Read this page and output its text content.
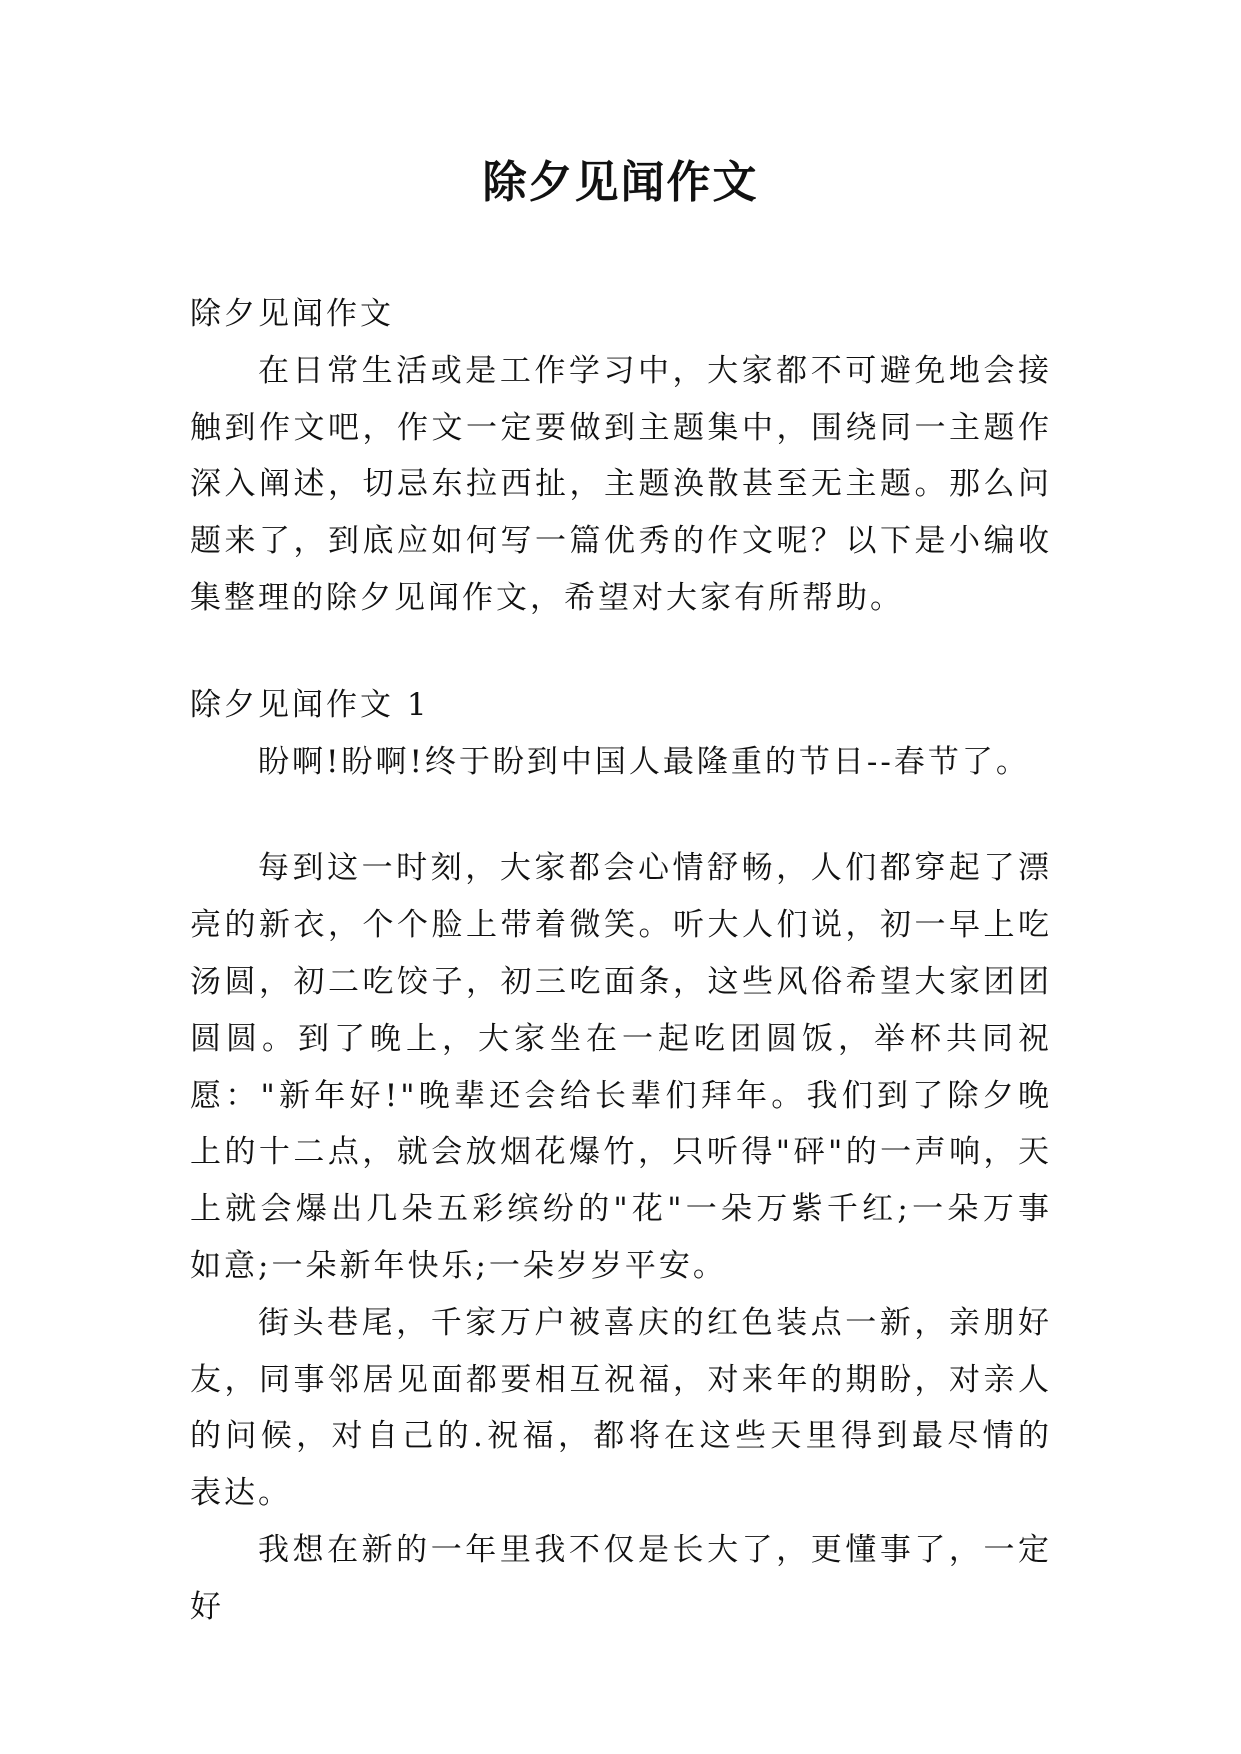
除夕见闻作文

除夕见闻作文

在日常生活或是工作学习中，大家都不可避免地会接触到作文吧，作文一定要做到主题集中，围绕同一主题作深入阐述，切忌东拉西扯，主题涣散甚至无主题。那么问题来了，到底应如何写一篇优秀的作文呢？以下是小编收集整理的除夕见闻作文，希望对大家有所帮助。

除夕见闻作文 1

盼啊!盼啊!终于盼到中国人最隆重的节日--春节了。

每到这一时刻，大家都会心情舒畅，人们都穿起了漂亮的新衣，个个脸上带着微笑。听大人们说，初一早上吃汤圆，初二吃饺子，初三吃面条，这些风俗希望大家团团圆圆。到了晚上，大家坐在一起吃团圆饭，举杯共同祝愿："新年好!"晚辈还会给长辈们拜年。我们到了除夕晚上的十二点，就会放烟花爆竹，只听得"砰"的一声响，天上就会爆出几朵五彩缤纷的"花"一朵万紫千红;一朵万事如意;一朵新年快乐;一朵岁岁平安。

街头巷尾，千家万户被喜庆的红色装点一新，亲朋好友，同事邻居见面都要相互祝福，对来年的期盼，对亲人的问候，对自己的.祝福，都将在这些天里得到最尽情的表达。

我想在新的一年里我不仅是长大了，更懂事了，一定好
